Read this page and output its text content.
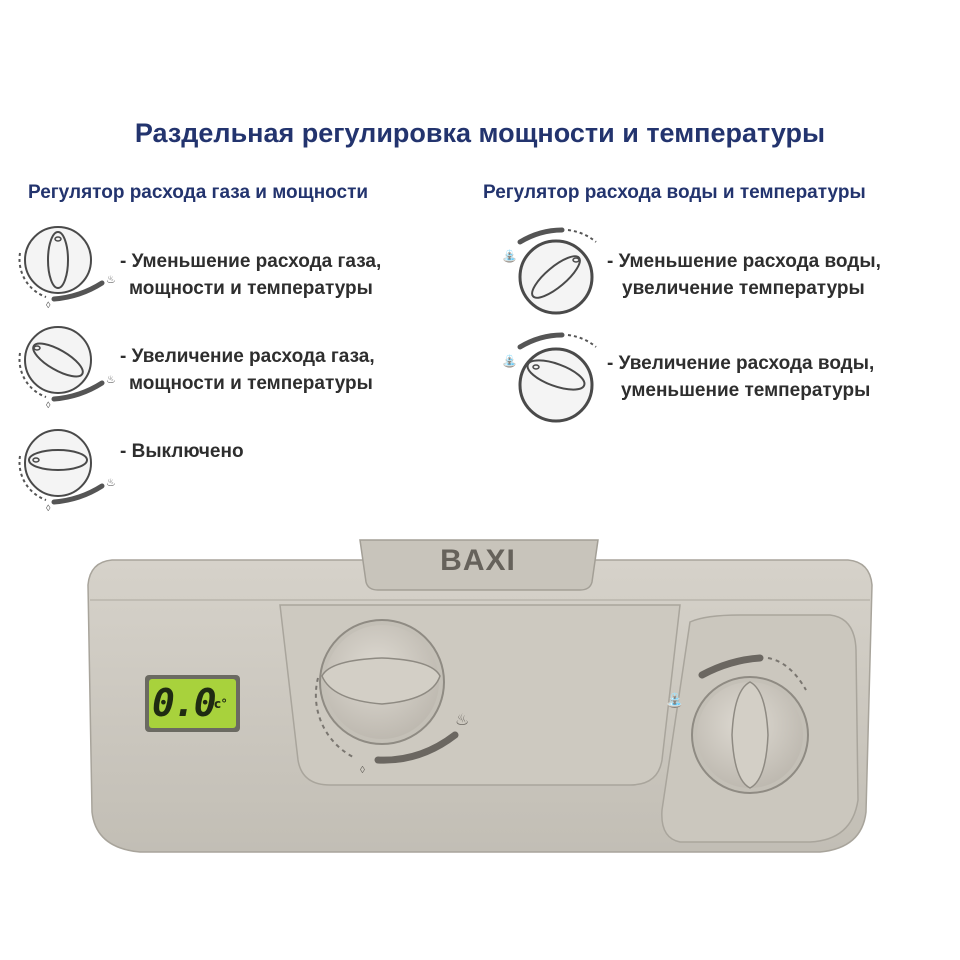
Раздельная регулировка мощности и температуры
Регулятор расхода газа и мощности	Регулятор расхода воды и температуры
◊
♨
◊
♨
◊
♨
⛲
⛲
- Уменьшение расхода газа,
мощности и температуры
- Увеличение расхода газа,
мощности и температуры
- Выключено
- Уменьшение расхода воды,
увеличение температуры
- Увеличение расхода воды,
уменьшение температуры
♨
◊
⛲
BAXI
0.0 c°
